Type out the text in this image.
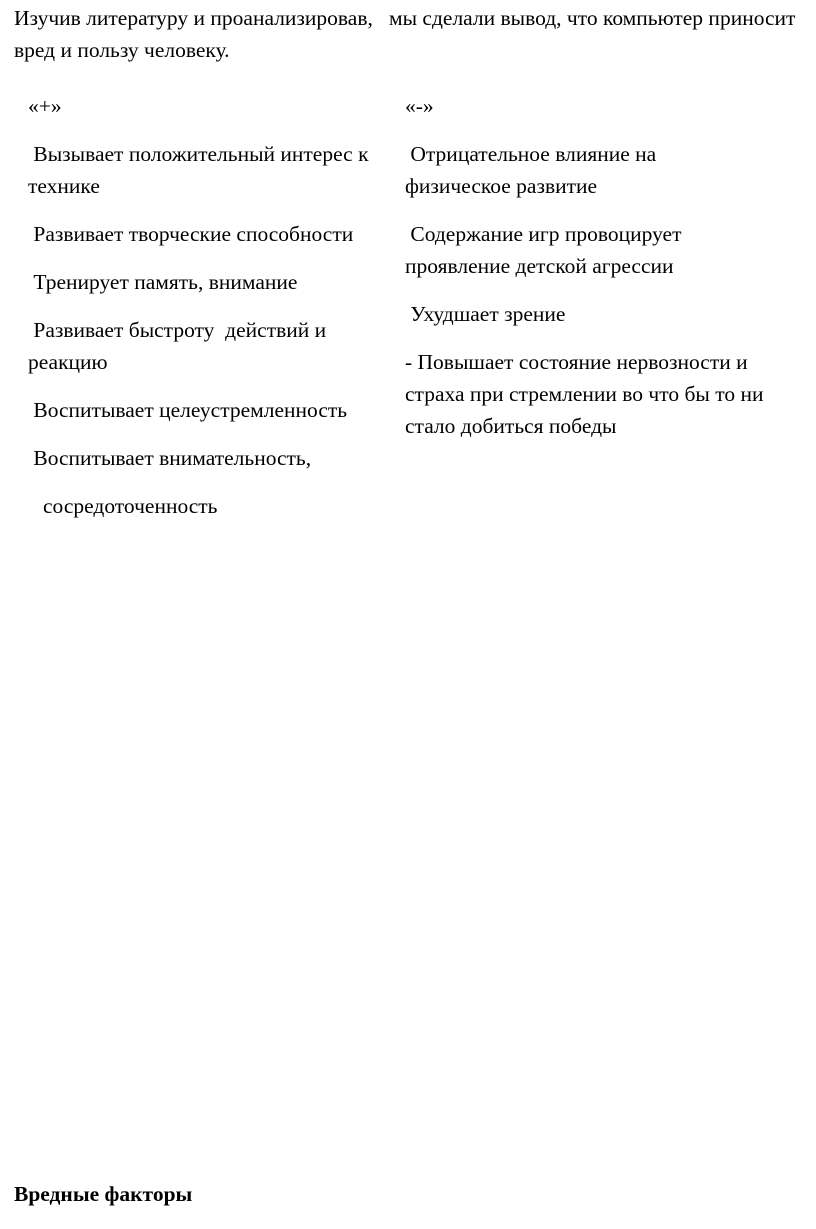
Изучив литературу и проанализировав,   мы сделали вывод, что компьютер приносит вред и пользу человеку.

«+»
Вызывает положительный интерес к технике
Развивает творческие способности
Тренирует память, внимание
Развивает быстроту  действий и реакцию
Воспитывает целеустремленность
Воспитывает внимательность,
сосредоточенность
«-»
Отрицательное влияние на физическое развитие
Содержание игр провоцирует проявление детской агрессии
Ухудшает зрение
- Повышает состояние нервозности и страха при стремлении во что бы то ни стало добиться победы
Вредные факторы
